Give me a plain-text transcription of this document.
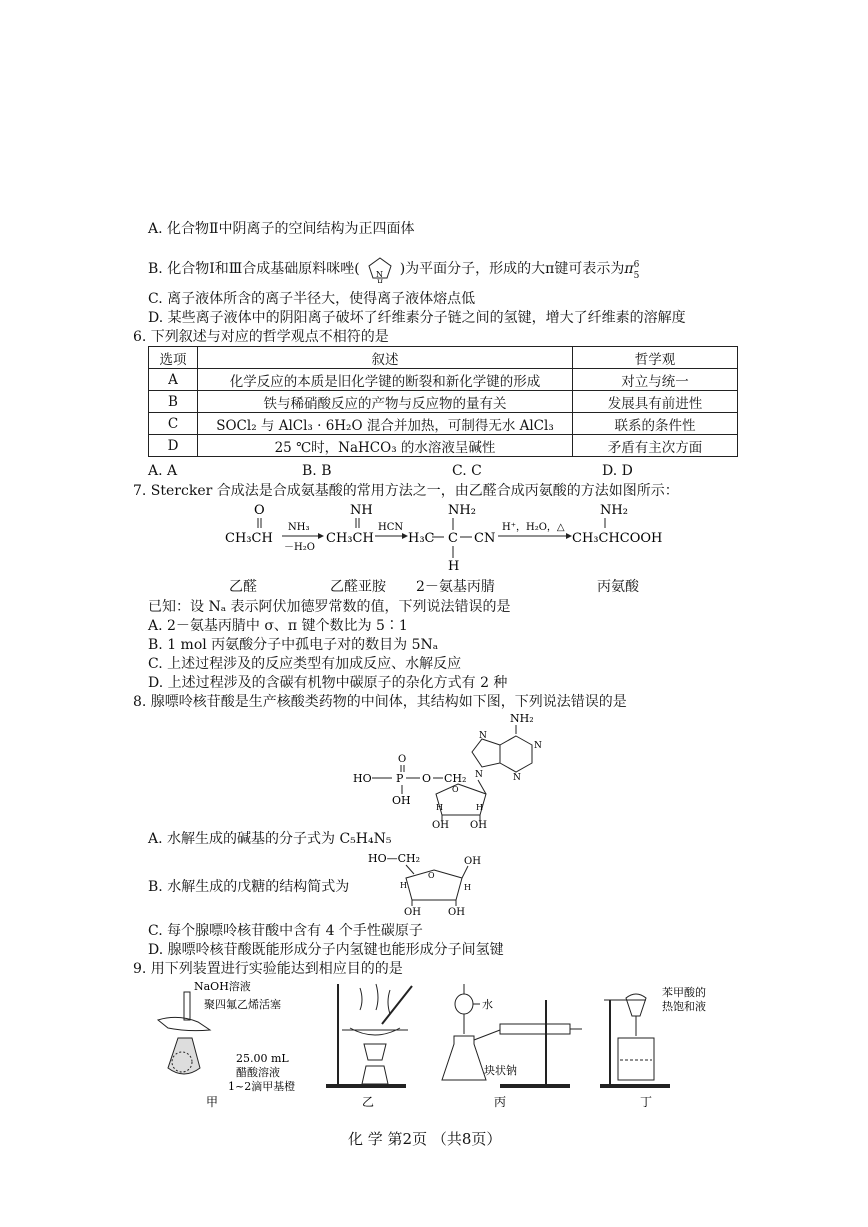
A. 化合物Ⅱ中阴离子的空间结构为正四面体
B. 化合物Ⅰ和Ⅲ合成基础原料咪唑( N
H
)为平面分子，形成的大π键可表示为π 6
5
C. 离子液体所含的离子半径大，使得离子液体熔点低
D. 某些离子液体中的阴阳离子破坏了纤维素分子链之间的氢键，增大了纤维素的溶解度
6. 下列叙述与对应的哲学观点不相符的是
选项	叙述	哲学观
A	化学反应的本质是旧化学键的断裂和新化学键的形成	对立与统一
B	铁与稀硝酸反应的产物与反应物的量有关	发展具有前进性
C	SOCl₂ 与 AlCl₃ · 6H₂O 混合并加热，可制得无水 AlCl₃	联系的条件性
D	25 ℃时，NaHCO₃ 的水溶液呈碱性	矛盾有主次方面
A. A	B. B	C. C	D. D
7. Stercker 合成法是合成氨基酸的常用方法之一，由乙醛合成丙氨酸的方法如图所示：
O
CH₃CH
NH₃
－H₂O
NH
CH₃CH
HCN
NH₂
H₃C C CN
H
H⁺，H₂O，△
NH₂
CH₃CHCOOH
乙醛	乙醛亚胺 2－氨基丙腈	丙氨酸
已知：设 Nₐ 表示阿伏加德罗常数的值，下列说法错误的是
A. 2－氨基丙腈中 σ、π 键个数比为 5∶1
B. 1 mol 丙氨酸分子中孤电子对的数目为 5Nₐ
C. 上述过程涉及的反应类型有加成反应、水解反应
D. 上述过程涉及的含碳有机物中碳原子的杂化方式有 2 种
8. 腺嘌呤核苷酸是生产核酸类药物的中间体，其结构如下图，下列说法错误的是
NH₂
N
N
N
N
O
HO P O CH₂
OH
O
H	H
OH OH
A. 水解生成的碱基的分子式为 C₅H₄N₅
HO—CH₂
O
OH
H	H
OH	OH
B. 水解生成的戊糖的结构简式为
C. 每个腺嘌呤核苷酸中含有 4 个手性碳原子
D. 腺嘌呤核苷酸既能形成分子内氢键也能形成分子间氢键
9. 用下列装置进行实验能达到相应目的的是
NaOH溶液
聚四氟乙烯活塞
25.00 mL
醋酸溶液
1~2滴甲基橙
甲	乙
水
块状钠
丙
苯甲酸的
热饱和液
丁
化 学 第2页 （共8页）
